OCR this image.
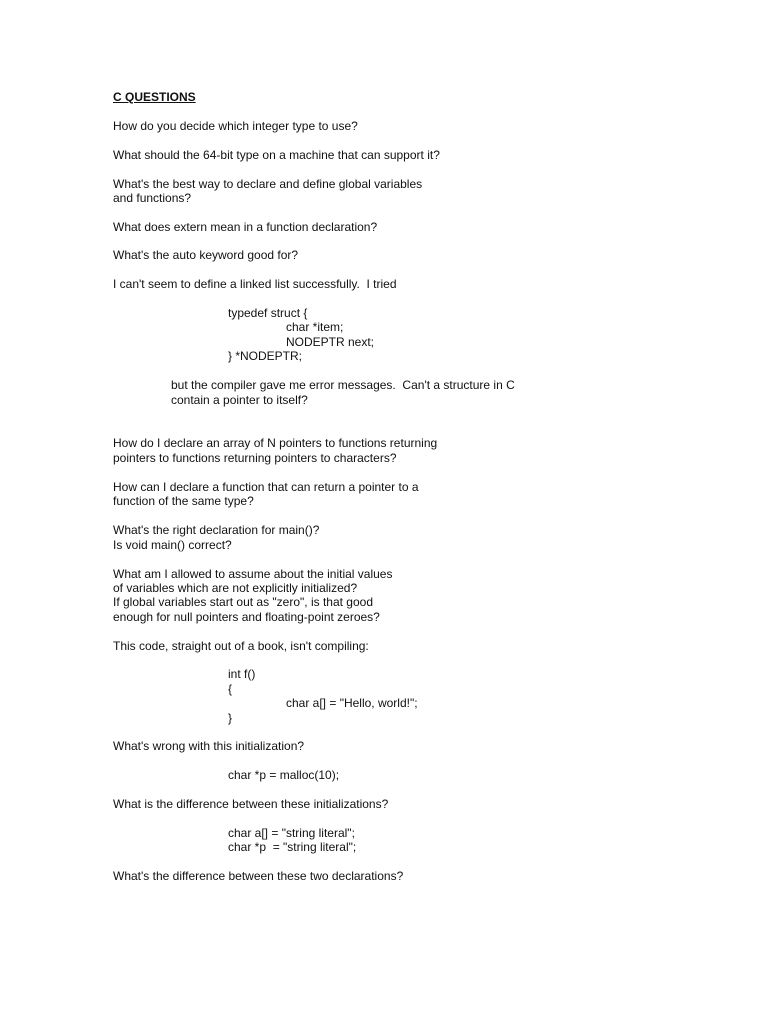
C QUESTIONS

How do you decide which integer type to use?

What should the 64-bit type on a machine that can support it?

What's the best way to declare and define global variables

and functions?

What does extern mean in a function declaration?

What's the auto keyword good for?

I can't seem to define a linked list successfully.  I tried

typedef struct {

char *item;

NODEPTR next;

} *NODEPTR;

but the compiler gave me error messages.  Can't a structure in C

contain a pointer to itself?

How do I declare an array of N pointers to functions returning

pointers to functions returning pointers to characters?

How can I declare a function that can return a pointer to a

function of the same type?

What's the right declaration for main()?

Is void main() correct?

What am I allowed to assume about the initial values

of variables which are not explicitly initialized?

If global variables start out as "zero", is that good

enough for null pointers and floating-point zeroes?

This code, straight out of a book, isn't compiling:

int f()

{

char a[] = "Hello, world!";

}

What's wrong with this initialization?

char *p = malloc(10);

What is the difference between these initializations?

char a[] = "string literal";

char *p  = "string literal";

What's the difference between these two declarations?
